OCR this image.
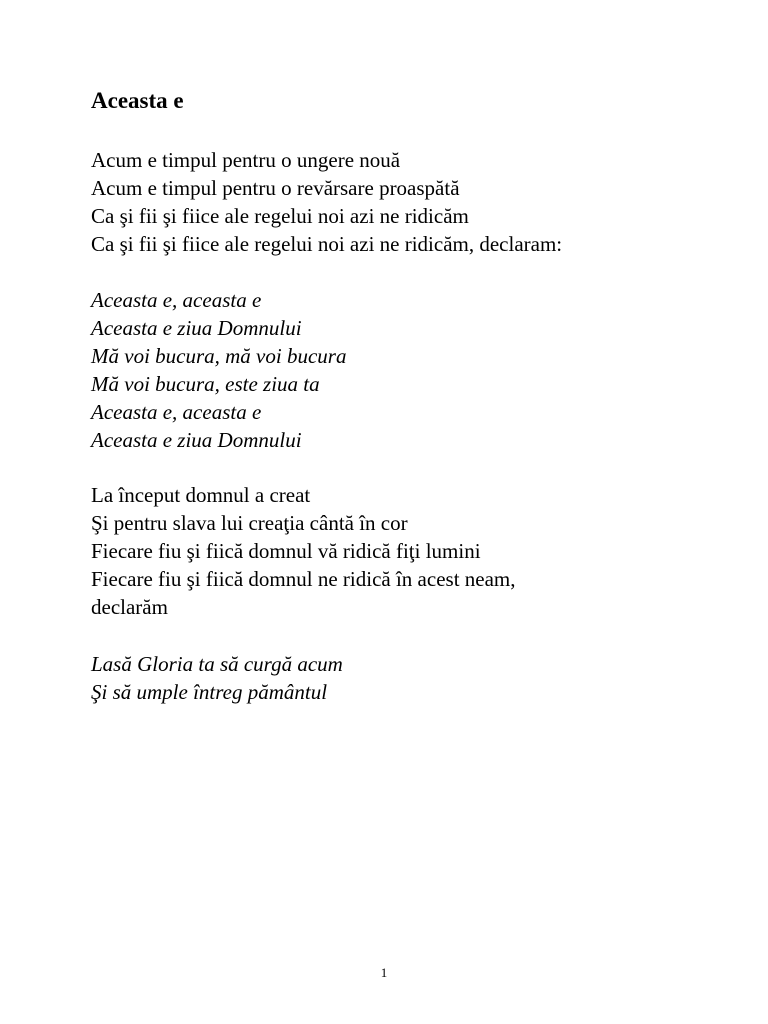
Aceasta e
Acum e timpul pentru o ungere nouă
Acum e timpul pentru o revărsare proaspătă
Ca şi fii şi fiice ale regelui noi azi ne ridicăm
Ca şi fii şi fiice ale regelui noi azi ne ridicăm, declaram:
Aceasta e, aceasta e
Aceasta e ziua Domnului
Mă voi bucura, mă voi bucura
Mă voi bucura, este ziua ta
Aceasta e, aceasta e
Aceasta e ziua Domnului
La început domnul a creat
Şi pentru slava lui creaţia cântă în cor
Fiecare fiu şi fiică domnul vă ridică fiţi lumini
Fiecare fiu şi fiică domnul ne ridică în acest neam,
declarăm
Lasă Gloria ta să curgă acum
Şi să umple întreg pământul
1
